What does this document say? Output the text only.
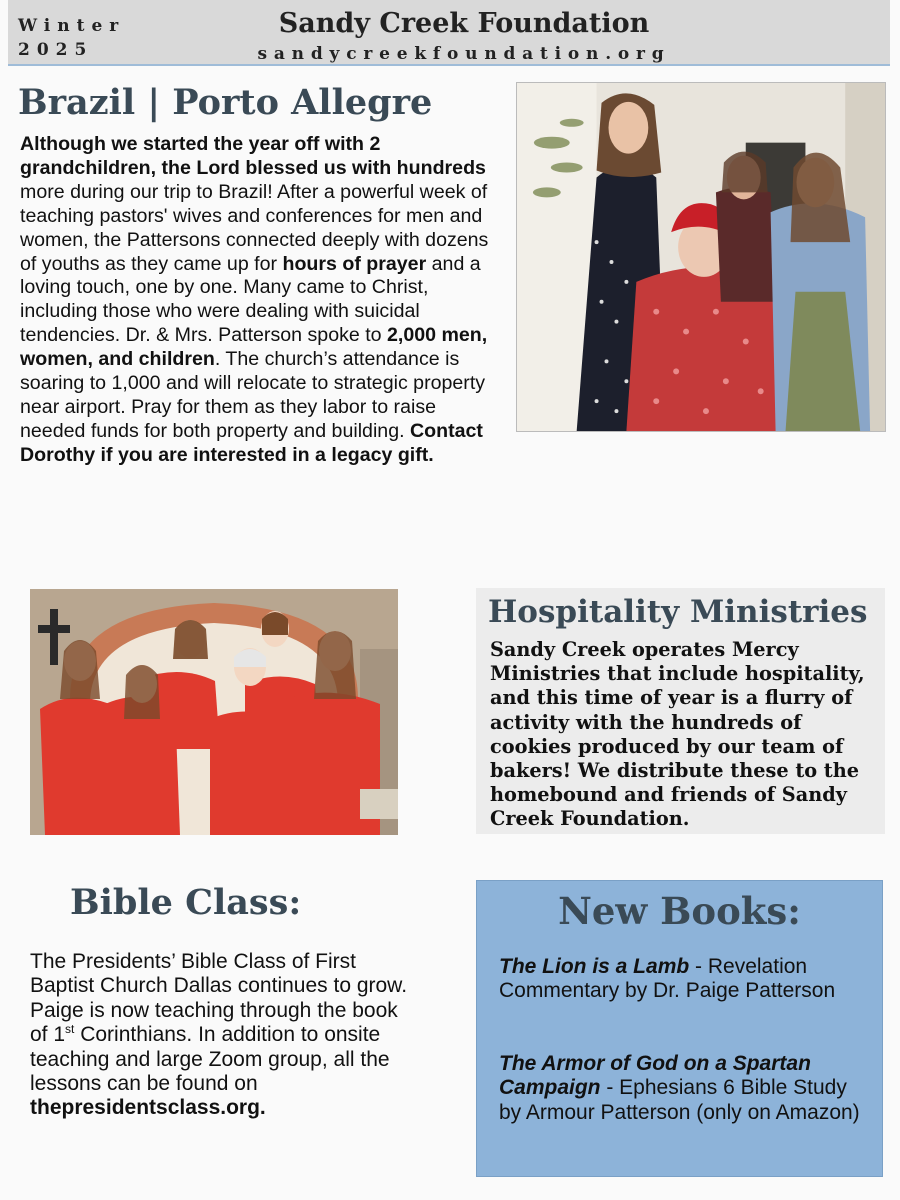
Winter
2025
Sandy Creek Foundation
sandycreekfoundation.org
Brazil | Porto Allegre
Although we started the year off with 2 grandchildren, the Lord blessed us with hundreds more during our trip to Brazil! After a powerful week of teaching pastors' wives and conferences for men and women, the Pattersons connected deeply with dozens of youths as they came up for hours of prayer and a loving touch, one by one. Many came to Christ, including those who were dealing with suicidal tendencies. Dr. & Mrs. Patterson spoke to 2,000 men, women, and children. The church’s attendance is soaring to 1,000 and will relocate to strategic property near airport. Pray for them as they labor to raise needed funds for both property and building. Contact Dorothy if you are interested in a legacy gift.
Hospitality Ministries
Sandy Creek operates Mercy Ministries that include hospitality, and this time of year is a flurry of activity with the hundreds of cookies produced by our team of bakers! We distribute these to the homebound and friends of Sandy Creek Foundation.
Bible Class:
The Presidents’ Bible Class of First Baptist Church Dallas continues to grow. Paige is now teaching through the book of 1st Corinthians. In addition to onsite teaching and large Zoom group, all the lessons can be found on thepresidentsclass.org.
New Books:
The Lion is a Lamb - Revelation Commentary by Dr. Paige Patterson
The Armor of God on a Spartan Campaign - Ephesians 6 Bible Study by Armour Patterson (only on Amazon)
